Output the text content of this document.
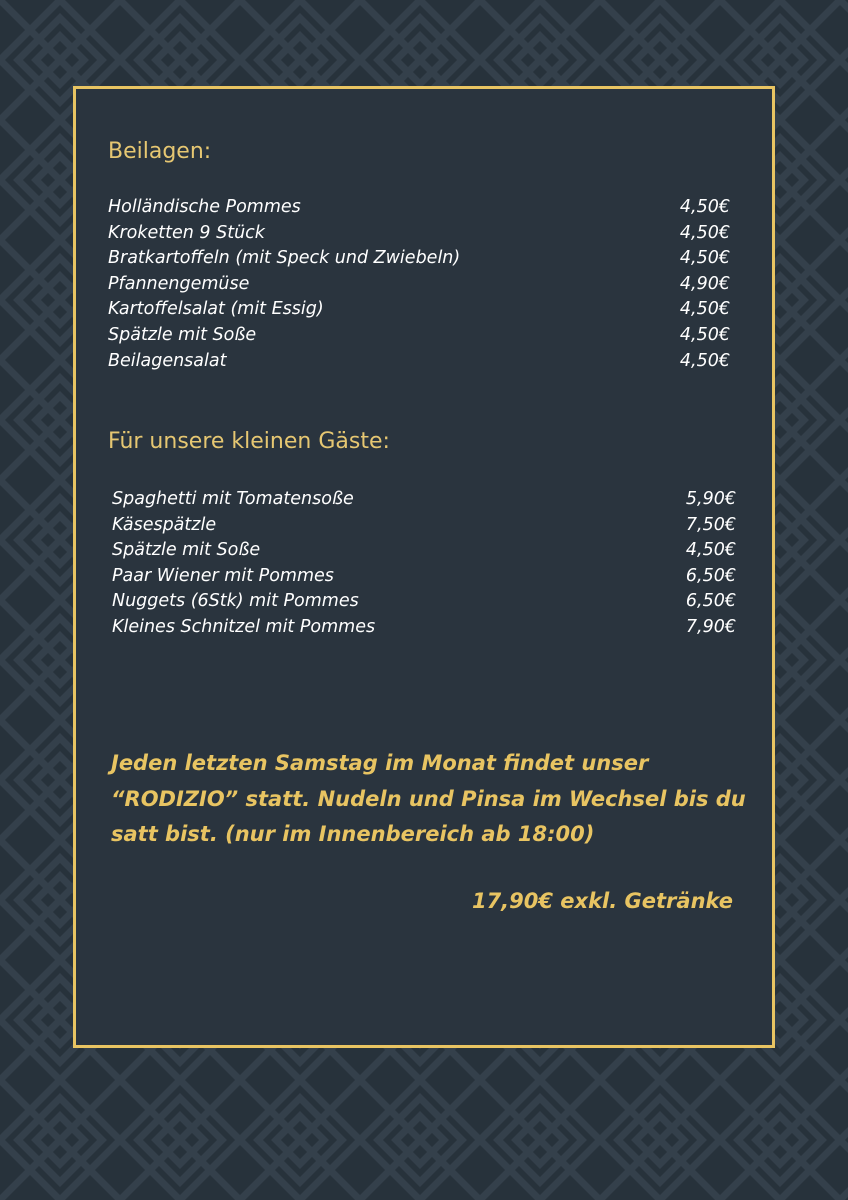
Beilagen:
Holländische Pommes	4,50€
Kroketten 9 Stück	4,50€
Bratkartoffeln (mit Speck und Zwiebeln)	4,50€
Pfannengemüse	4,90€
Kartoffelsalat (mit Essig)	4,50€
Spätzle mit Soße	4,50€
Beilagensalat	4,50€
Für unsere kleinen Gäste:
Spaghetti mit Tomatensoße	5,90€
Käsespätzle	7,50€
Spätzle mit Soße	4,50€
Paar Wiener mit Pommes	6,50€
Nuggets (6Stk) mit Pommes	6,50€
Kleines Schnitzel mit Pommes	7,90€

Jeden letzten Samstag im Monat findet unser “RODIZIO” statt. Nudeln und Pinsa im Wechsel bis du satt bist. (nur im Innenbereich ab 18:00)

17,90€ exkl. Getränke
